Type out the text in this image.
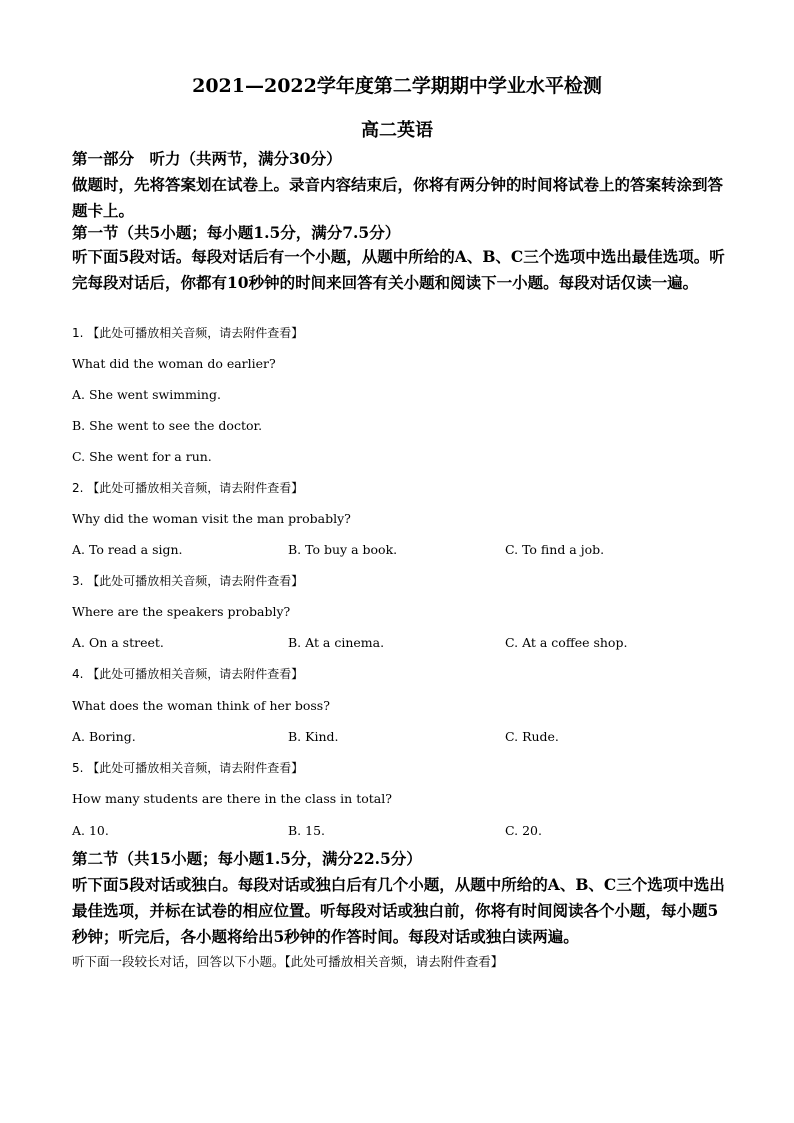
2021—2022学年度第二学期期中学业水平检测
高二英语

第一部分　听力（共两节，满分30分）

做题时，先将答案划在试卷上。录音内容结束后，你将有两分钟的时间将试卷上的答案转涂到答题卡上。

第一节（共5小题；每小题1.5分，满分7.5分）

听下面5段对话。每段对话后有一个小题，从题中所给的A、B、C三个选项中选出最佳选项。听完每段对话后，你都有10秒钟的时间来回答有关小题和阅读下一小题。每段对话仅读一遍。

1. 【此处可播放相关音频，请去附件查看】

What did the woman do earlier?

A. She went swimming.

B. She went to see the doctor.

C. She went for a run.

2. 【此处可播放相关音频，请去附件查看】

Why did the woman visit the man probably?

A. To read a sign.	B. To buy a book.	C. To find a job.
3. 【此处可播放相关音频，请去附件查看】

Where are the speakers probably?

A. On a street.	B. At a cinema.	C. At a coffee shop.
4. 【此处可播放相关音频，请去附件查看】

What does the woman think of her boss?

A. Boring.	B. Kind.	C. Rude.
5. 【此处可播放相关音频，请去附件查看】

How many students are there in the class in total?

A. 10.	B. 15.	C. 20.

第二节（共15小题；每小题1.5分，满分22.5分）

听下面5段对话或独白。每段对话或独白后有几个小题，从题中所给的A、B、C三个选项中选出最佳选项，并标在试卷的相应位置。听每段对话或独白前，你将有时间阅读各个小题，每小题5秒钟；听完后，各小题将给出5秒钟的作答时间。每段对话或独白读两遍。

听下面一段较长对话，回答以下小题。【此处可播放相关音频，请去附件查看】
